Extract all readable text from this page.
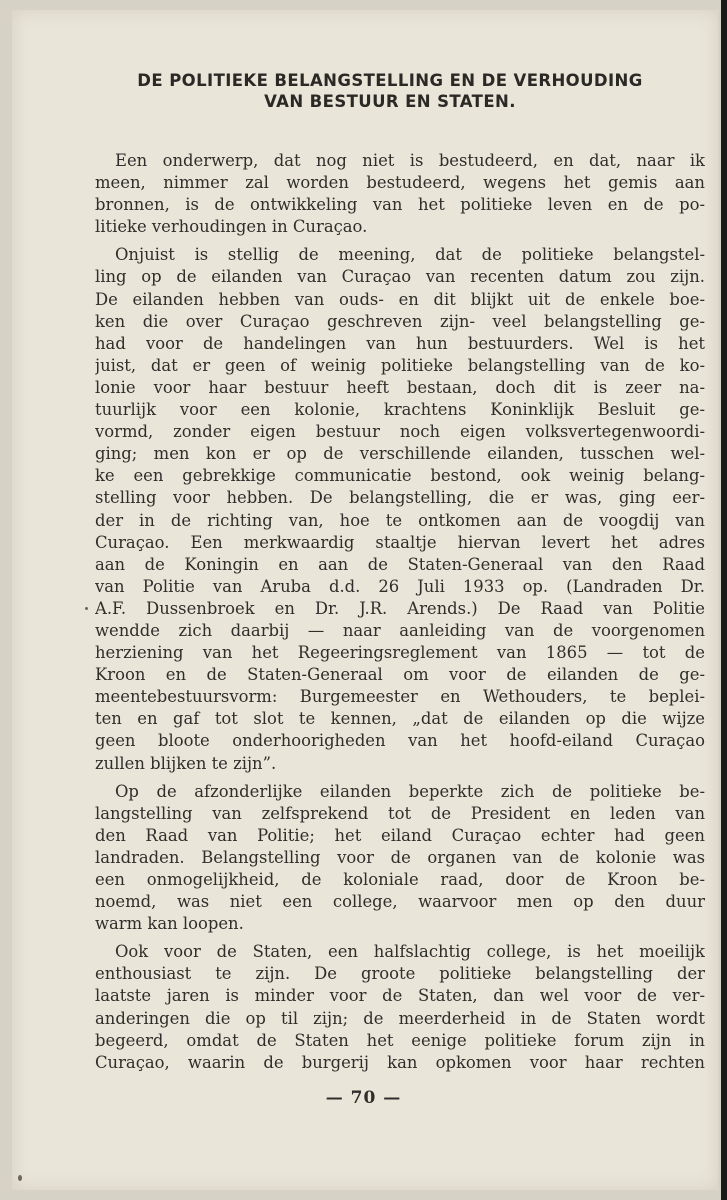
DE POLITIEKE BELANGSTELLING EN DE VERHOUDING
VAN BESTUUR EN STATEN.
Een onderwerp, dat nog niet is bestudeerd, en dat, naar ik
meen, nimmer zal worden bestudeerd, wegens het gemis aan
bronnen, is de ontwikkeling van het politieke leven en de po-
litieke verhoudingen in Curaçao.
Onjuist is stellig de meening, dat de politieke belangstel-
ling op de eilanden van Curaçao van recenten datum zou zijn.
De eilanden hebben van ouds- en dit blijkt uit de enkele boe-
ken die over Curaçao geschreven zijn- veel belangstelling ge-
had voor de handelingen van hun bestuurders. Wel is het
juist, dat er geen of weinig politieke belangstelling van de ko-
lonie voor haar bestuur heeft bestaan, doch dit is zeer na-
tuurlijk voor een kolonie, krachtens Koninklijk Besluit ge-
vormd, zonder eigen bestuur noch eigen volksvertegenwoordi-
ging; men kon er op de verschillende eilanden, tusschen wel-
ke een gebrekkige communicatie bestond, ook weinig belang-
stelling voor hebben. De belangstelling, die er was, ging eer-
der in de richting van, hoe te ontkomen aan de voogdij van
Curaçao. Een merkwaardig staaltje hiervan levert het adres
aan de Koningin en aan de Staten-Generaal van den Raad
van Politie van Aruba d.d. 26 Juli 1933 op. (Landraden Dr.
A.F. Dussenbroek en Dr. J.R. Arends.) De Raad van Politie
wendde zich daarbij — naar aanleiding van de voorgenomen
herziening van het Regeeringsreglement van 1865 — tot de
Kroon en de Staten-Generaal om voor de eilanden de ge-
meentebestuursvorm: Burgemeester en Wethouders, te beplei-
ten en gaf tot slot te kennen, „dat de eilanden op die wijze
geen bloote onderhoorigheden van het hoofd-eiland Curaçao
zullen blijken te zijn”.
Op de afzonderlijke eilanden beperkte zich de politieke be-
langstelling van zelfsprekend tot de President en leden van
den Raad van Politie; het eiland Curaçao echter had geen
landraden. Belangstelling voor de organen van de kolonie was
een onmogelijkheid, de koloniale raad, door de Kroon be-
noemd, was niet een college, waarvoor men op den duur
warm kan loopen.
Ook voor de Staten, een halfslachtig college, is het moeilijk
enthousiast te zijn. De groote politieke belangstelling der
laatste jaren is minder voor de Staten, dan wel voor de ver-
anderingen die op til zijn; de meerderheid in de Staten wordt
begeerd, omdat de Staten het eenige politieke forum zijn in
Curaçao, waarin de burgerij kan opkomen voor haar rechten
— 70 —
